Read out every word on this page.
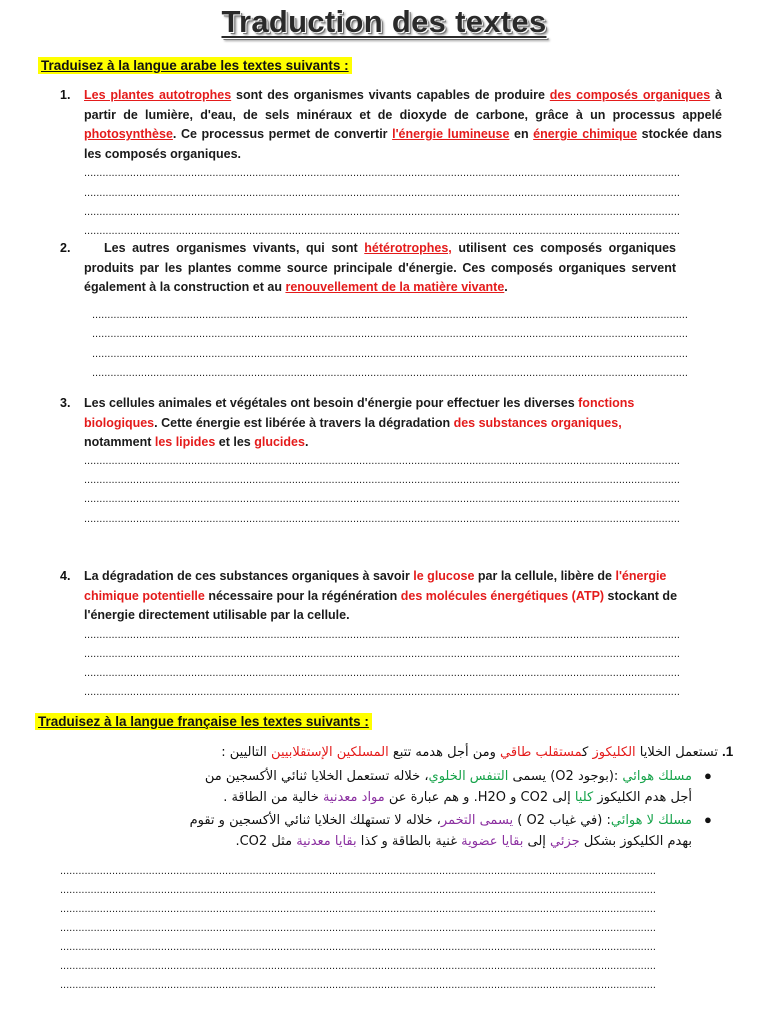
Traduction des textes
Traduisez à la langue arabe les textes suivants :
1. Les plantes autotrophes sont des organismes vivants capables de produire des composés organiques à partir de lumière, d'eau, de sels minéraux et de dioxyde de carbone, grâce à un processus appelé photosynthèse. Ce processus permet de convertir l'énergie lumineuse en énergie chimique stockée dans les composés organiques.
...................................................................................................................................................................................................
...................................................................................................................................................................................................
...................................................................................................................................................................................................
...................................................................................................................................................................................................
2.	Les autres organismes vivants, qui sont hétérotrophes, utilisent ces composés organiques produits par les plantes comme source principale d'énergie. Ces composés organiques servent également à la construction et au renouvellement de la matière vivante.
...................................................................................................................................................................................................
...................................................................................................................................................................................................
...................................................................................................................................................................................................
...................................................................................................................................................................................................
3. Les cellules animales et végétales ont besoin d'énergie pour effectuer les diverses fonctions biologiques. Cette énergie est libérée à travers la dégradation des substances organiques, notamment les lipides et les glucides.
...................................................................................................................................................................................................
...................................................................................................................................................................................................
...................................................................................................................................................................................................
...................................................................................................................................................................................................
4. La dégradation de ces substances organiques à savoir le glucose par la cellule, libère de l'énergie chimique potentielle nécessaire pour la régénération des molécules énergétiques (ATP) stockant de l'énergie directement utilisable par la cellule.
...................................................................................................................................................................................................
...................................................................................................................................................................................................
...................................................................................................................................................................................................
...................................................................................................................................................................................................
Traduisez à la langue française les textes suivants :
.1
تستعمل الخلايا الكليكوز كمستقلب طاقي ومن أجل هدمه تتبع المسلكين الإستقلابيين التاليين :
●
مسلك هوائي :(بوجود O2) يسمى التنفس الخلوي، خلاله تستعمل الخلايا ثنائي الأكسجين من أجل هدم الكليكوز كليا إلى CO2 و H2O. و هم عبارة عن مواد معدنية خالية من الطاقة .
●
مسلك لا هوائي: (في غياب O2 ) يسمى التخمر، خلاله لا تستهلك الخلايا ثنائي الأكسجين و تقوم بهدم الكليكوز بشكل جزئي إلى بقايا عضوية غنية بالطاقة و كذا بقايا معدنية مثل CO2.
...................................................................................................................................................................................................
...................................................................................................................................................................................................
...................................................................................................................................................................................................
...................................................................................................................................................................................................
...................................................................................................................................................................................................
...................................................................................................................................................................................................
...................................................................................................................................................................................................
